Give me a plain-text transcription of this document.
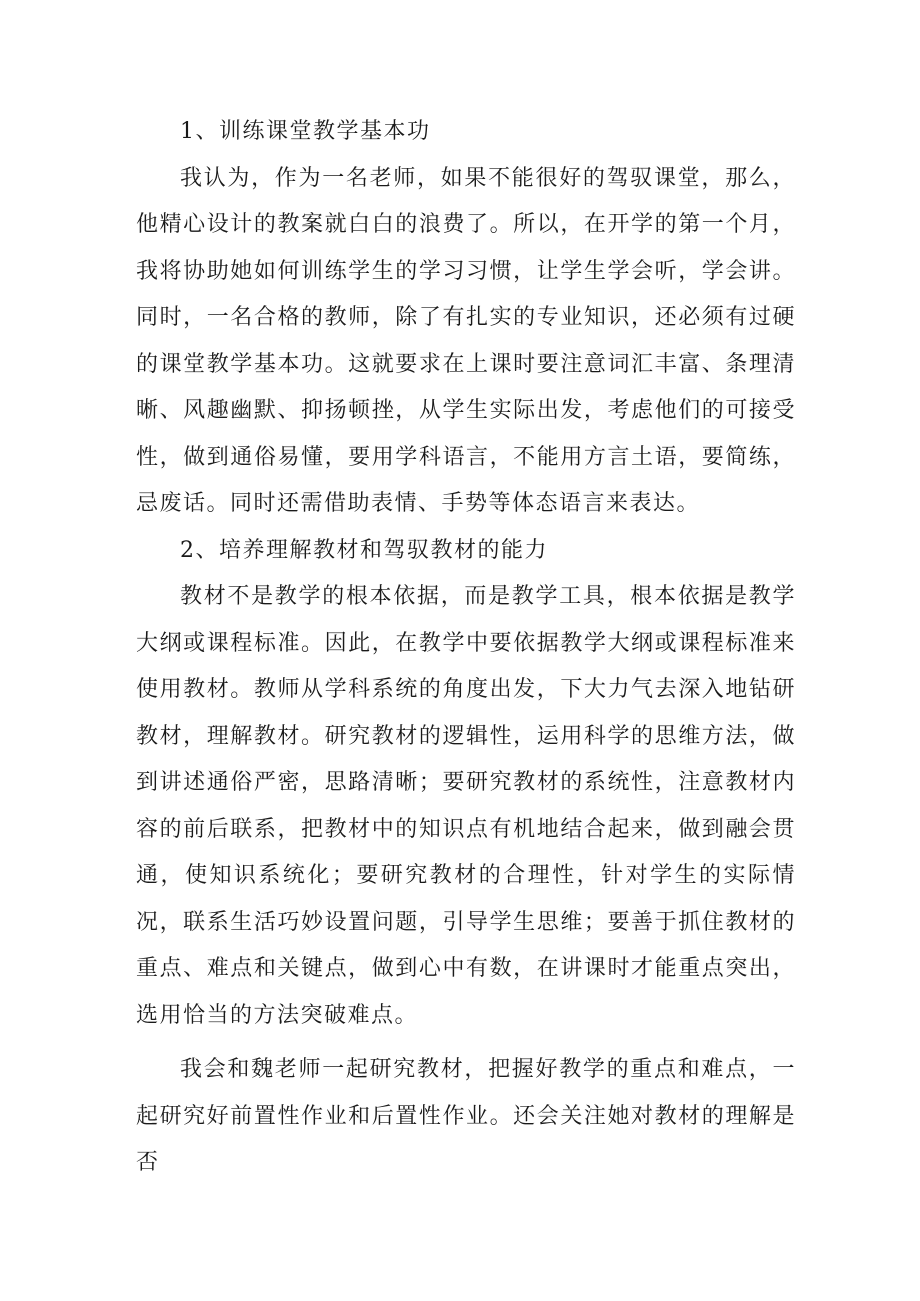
1、训练课堂教学基本功

我认为，作为一名老师，如果不能很好的驾驭课堂，那么，他精心设计的教案就白白的浪费了。所以，在开学的第一个月，我将协助她如何训练学生的学习习惯，让学生学会听，学会讲。同时，一名合格的教师，除了有扎实的专业知识，还必须有过硬的课堂教学基本功。这就要求在上课时要注意词汇丰富、条理清晰、风趣幽默、抑扬顿挫，从学生实际出发，考虑他们的可接受性，做到通俗易懂，要用学科语言，不能用方言土语，要简练，忌废话。同时还需借助表情、手势等体态语言来表达。

2、培养理解教材和驾驭教材的能力

教材不是教学的根本依据，而是教学工具，根本依据是教学大纲或课程标准。因此，在教学中要依据教学大纲或课程标准来使用教材。教师从学科系统的角度出发，下大力气去深入地钻研教材，理解教材。研究教材的逻辑性，运用科学的思维方法，做到讲述通俗严密，思路清晰；要研究教材的系统性，注意教材内容的前后联系，把教材中的知识点有机地结合起来，做到融会贯通，使知识系统化；要研究教材的合理性，针对学生的实际情况，联系生活巧妙设置问题，引导学生思维；要善于抓住教材的重点、难点和关键点，做到心中有数，在讲课时才能重点突出，选用恰当的方法突破难点。

我会和魏老师一起研究教材，把握好教学的重点和难点，一起研究好前置性作业和后置性作业。还会关注她对教材的理解是否
